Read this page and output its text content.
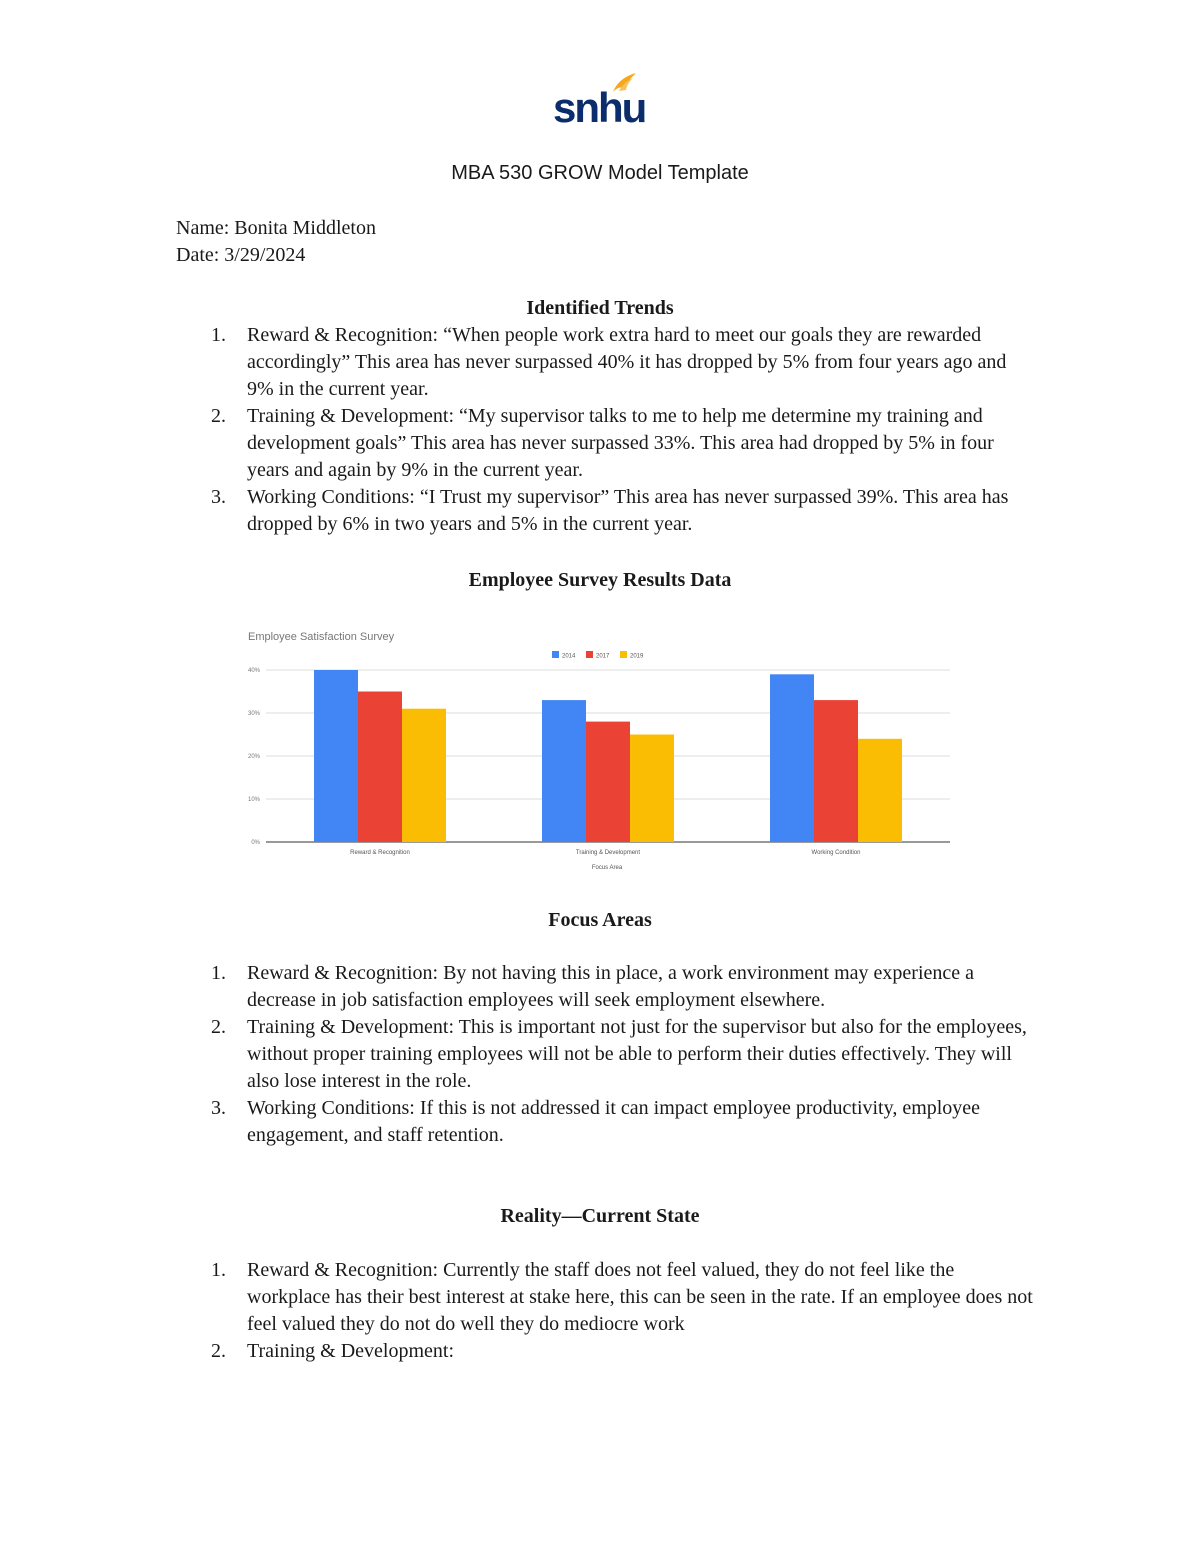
snhu
MBA 530 GROW Model Template
Name: Bonita Middleton
Date: 3/29/2024
Identified Trends
1. Reward & Recognition: “When people work extra hard to meet our goals they are rewarded accordingly” This area has never surpassed 40% it has dropped by 5% from four years ago and 9% in the current year.
2. Training & Development: “My supervisor talks to me to help me determine my training and development goals” This area has never surpassed 33%. This area had dropped by 5% in four years and again by 9% in the current year.
3. Working Conditions: “I Trust my supervisor” This area has never surpassed 39%. This area has dropped by 6% in two years and 5% in the current year.
Employee Survey Results Data
Employee Satisfaction Survey
40%
30%
20%
10%
0%
2014	2017	2019
Reward & Recognition	Training & Development	Working Condition
Focus Area
Focus Areas
1. Reward & Recognition: By not having this in place, a work environment may experience a decrease in job satisfaction employees will seek employment elsewhere.
2. Training & Development: This is important not just for the supervisor but also for the employees, without proper training employees will not be able to perform their duties effectively. They will also lose interest in the role.
3. Working Conditions: If this is not addressed it can impact employee productivity, employee engagement, and staff retention.
Reality—Current State
1. Reward & Recognition: Currently the staff does not feel valued, they do not feel like the workplace has their best interest at stake here, this can be seen in the rate. If an employee does not feel valued they do not do well they do mediocre work
2. Training & Development:
